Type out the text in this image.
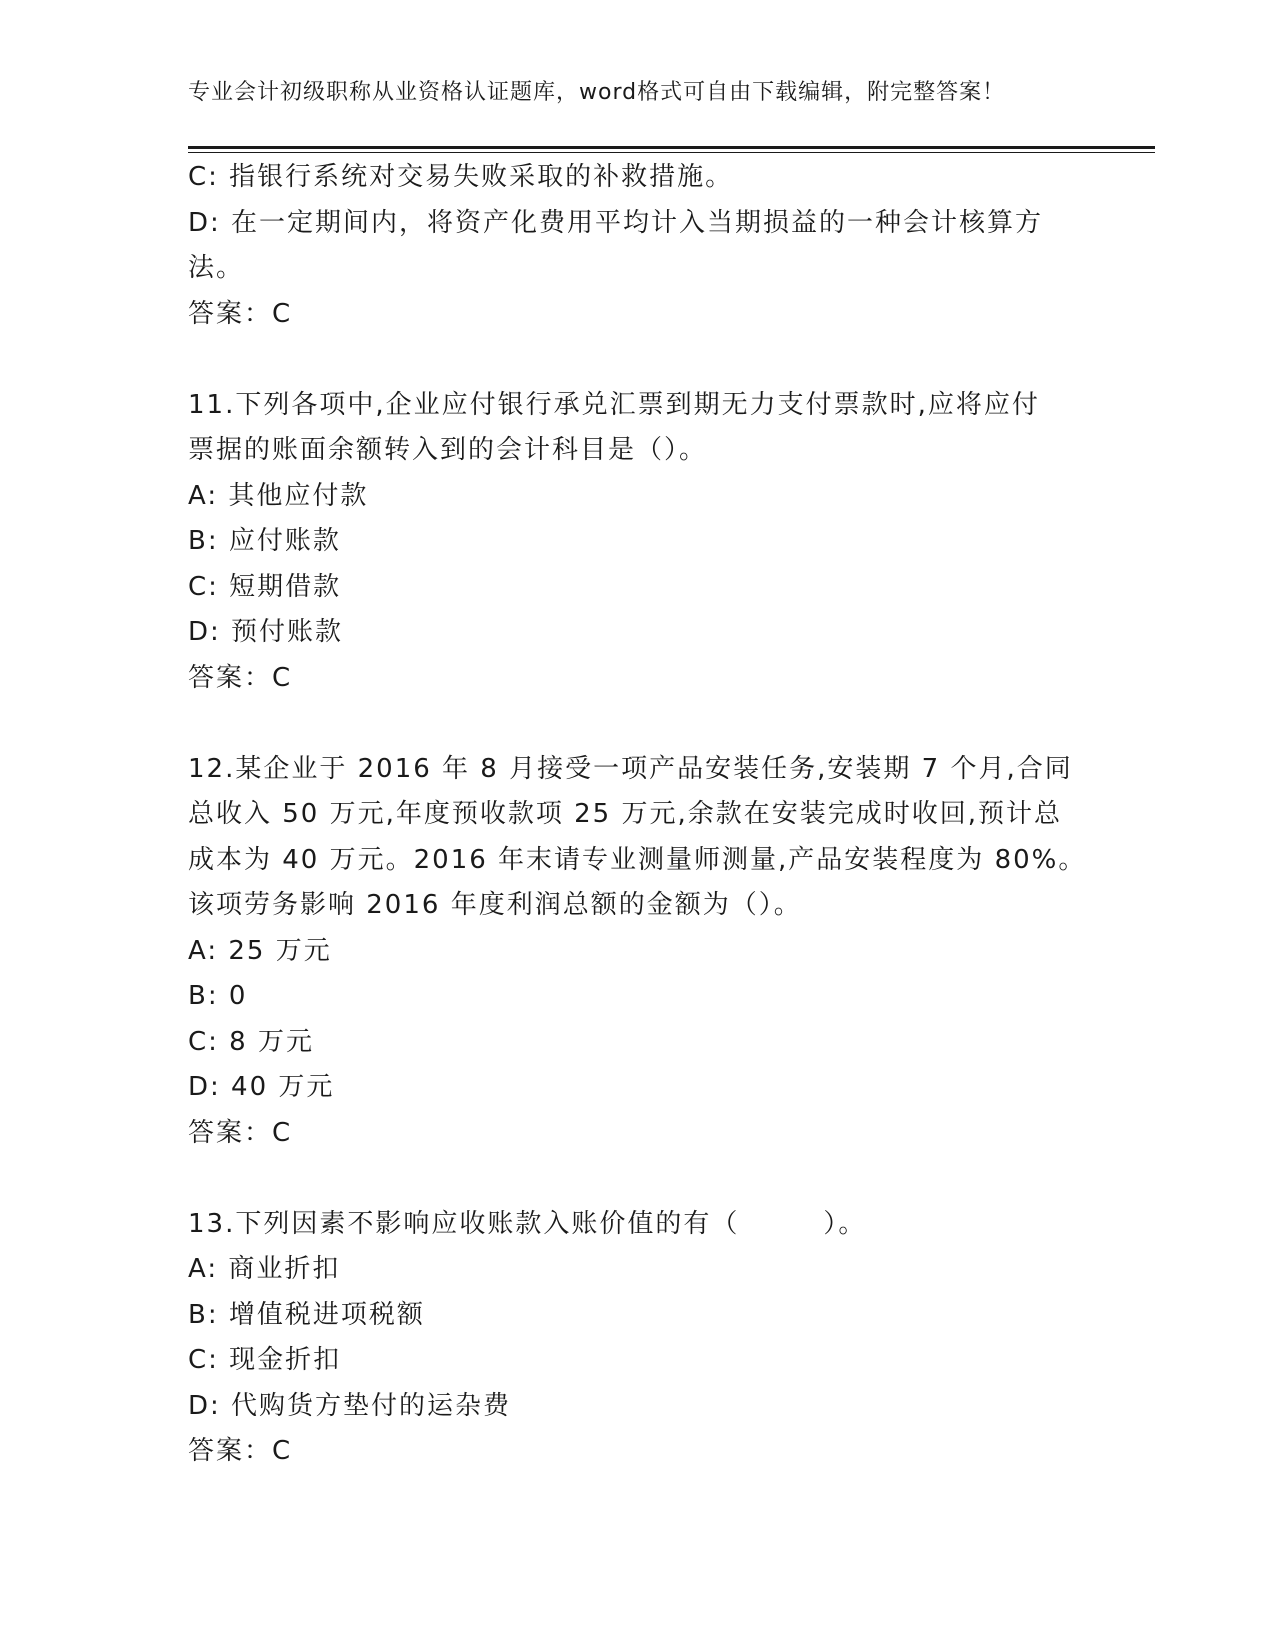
专业会计初级职称从业资格认证题库，word格式可自由下载编辑，附完整答案！
C: 指银行系统对交易失败采取的补救措施。
D: 在一定期间内，将资产化费用平均计入当期损益的一种会计核算方
法。
答案：C
11.下列各项中,企业应付银行承兑汇票到期无力支付票款时,应将应付
票据的账面余额转入到的会计科目是（）。
A: 其他应付款
B: 应付账款
C: 短期借款
D: 预付账款
答案：C
12.某企业于 2016 年 8 月接受一项产品安装任务,安装期 7 个月,合同
总收入 50 万元,年度预收款项 25 万元,余款在安装完成时收回,预计总
成本为 40 万元。2016 年末请专业测量师测量,产品安装程度为 80%。
该项劳务影响 2016 年度利润总额的金额为（）。
A: 25 万元
B: 0
C: 8 万元
D: 40 万元
答案：C
13.下列因素不影响应收账款入账价值的有（　　　）。
A: 商业折扣
B: 增值税进项税额
C: 现金折扣
D: 代购货方垫付的运杂费
答案：C
